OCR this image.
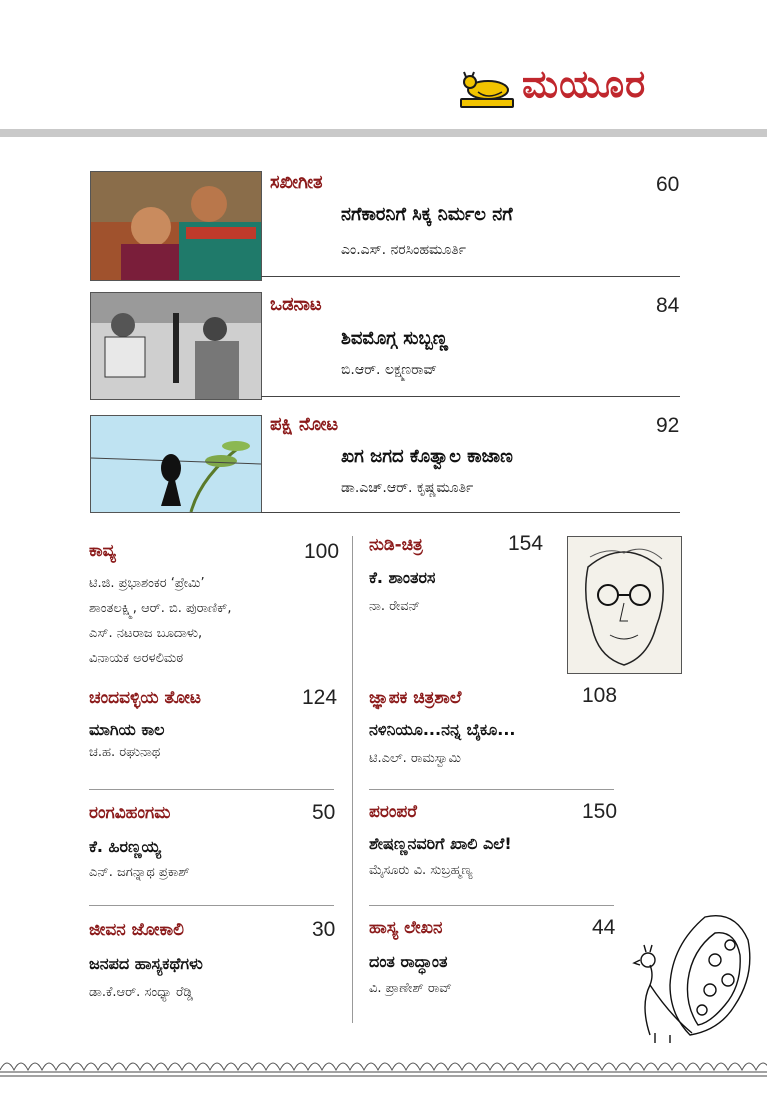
ಮಯೂರ
ಸಖೀಗೀತ	60
ನಗೆಕಾರನಿಗೆ ಸಿಕ್ಕ ನಿರ್ಮಲ ನಗೆ
ಎಂ.ಎಸ್. ನರಸಿಂಹಮೂರ್ತಿ
ಒಡನಾಟ	84
ಶಿವಮೊಗ್ಗ ಸುಬ್ಬಣ್ಣ
ಬಿ.ಆರ್. ಲಕ್ಷ್ಮಣರಾವ್
ಪಕ್ಷಿ ನೋಟ	92
ಖಗ ಜಗದ ಕೊತ್ವಾಲ ಕಾಜಾಣ
ಡಾ.ಎಚ್.ಆರ್. ಕೃಷ್ಣಮೂರ್ತಿ
ಕಾವ್ಯ	100
ಟಿ.ಜಿ. ಪ್ರಭಾಶಂಕರ ‘ಪ್ರೇಮಿ’
ಶಾಂತಲಕ್ಷ್ಮಿ, ಆರ್. ಬಿ. ಪುರಾಣಿಕ್,
ಎಸ್. ನಟರಾಜ ಬೂದಾಳು,
ವಿನಾಯಕ ಅರಳಲಿಮಠ
ಚಂದವಳ್ಳಿಯ ತೋಟ	124
ಮಾಗಿಯ ಕಾಲ
ಚ.ಹ. ರಘುನಾಥ
ರಂಗವಿಹಂಗಮ	50
ಕೆ. ಹಿರಣ್ಣಯ್ಯ
ಎನ್. ಜಗನ್ನಾಥ ಪ್ರಕಾಶ್
ಜೀವನ ಜೋಕಾಲಿ	30
ಜನಪದ ಹಾಸ್ಯಕಥೆಗಳು
ಡಾ.ಕೆ.ಆರ್. ಸಂಧ್ಯಾ ರೆಡ್ಡಿ
ನುಡಿ-ಚಿತ್ರ	154
ಕೆ. ಶಾಂತರಸ
ನಾ. ರೇವನ್
ಜ್ಞಾಪಕ ಚಿತ್ರಶಾಲೆ	108
ನಳಿನಿಯೂ...ನನ್ನ ಬೈಕೂ...
ಟಿ.ಎಲ್. ರಾಮಸ್ವಾಮಿ
ಪರಂಪರೆ	150
ಶೇಷಣ್ಣನವರಿಗೆ ಖಾಲಿ ಎಲೆ!
ಮೈಸೂರು ವಿ. ಸುಬ್ರಹ್ಮಣ್ಯ
ಹಾಸ್ಯ ಲೇಖನ	44
ದಂತ ರಾದ್ಧಾಂತ
ವಿ. ಪ್ರಾಣೇಶ್ ರಾವ್
